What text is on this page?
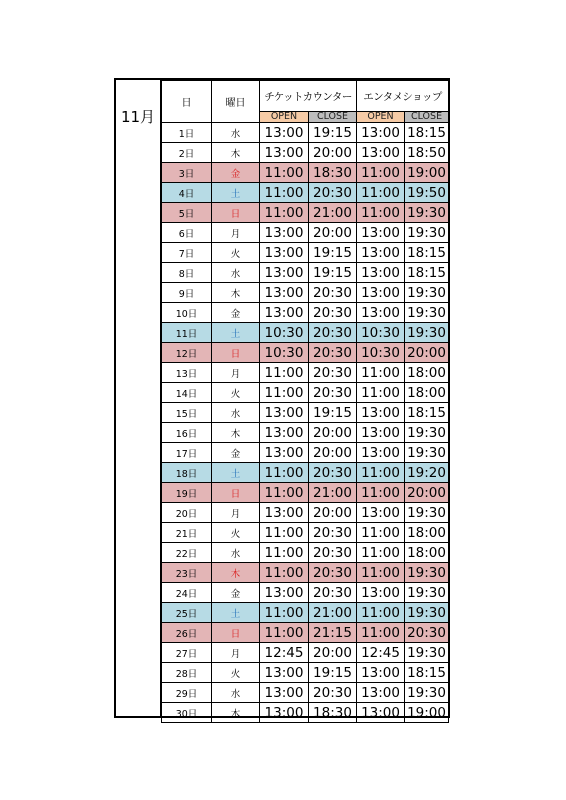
11月
日	曜日	チケットカウンター		エンタメショップ	
		OPEN	CLOSE	OPEN	CLOSE
1日	水	13:00	19:15	13:00	18:15
2日	木	13:00	20:00	13:00	18:50
3日	金	11:00	18:30	11:00	19:00
4日	土	11:00	20:30	11:00	19:50
5日	日	11:00	21:00	11:00	19:30
6日	月	13:00	20:00	13:00	19:30
7日	火	13:00	19:15	13:00	18:15
8日	水	13:00	19:15	13:00	18:15
9日	木	13:00	20:30	13:00	19:30
10日	金	13:00	20:30	13:00	19:30
11日	土	10:30	20:30	10:30	19:30
12日	日	10:30	20:30	10:30	20:00
13日	月	11:00	20:30	11:00	18:00
14日	火	11:00	20:30	11:00	18:00
15日	水	13:00	19:15	13:00	18:15
16日	木	13:00	20:00	13:00	19:30
17日	金	13:00	20:00	13:00	19:30
18日	土	11:00	20:30	11:00	19:20
19日	日	11:00	21:00	11:00	20:00
20日	月	13:00	20:00	13:00	19:30
21日	火	11:00	20:30	11:00	18:00
22日	水	11:00	20:30	11:00	18:00
23日	木	11:00	20:30	11:00	19:30
24日	金	13:00	20:30	13:00	19:30
25日	土	11:00	21:00	11:00	19:30
26日	日	11:00	21:15	11:00	20:30
27日	月	12:45	20:00	12:45	19:30
28日	火	13:00	19:15	13:00	18:15
29日	水	13:00	20:30	13:00	19:30
30日	木	13:00	18:30	13:00	19:00
